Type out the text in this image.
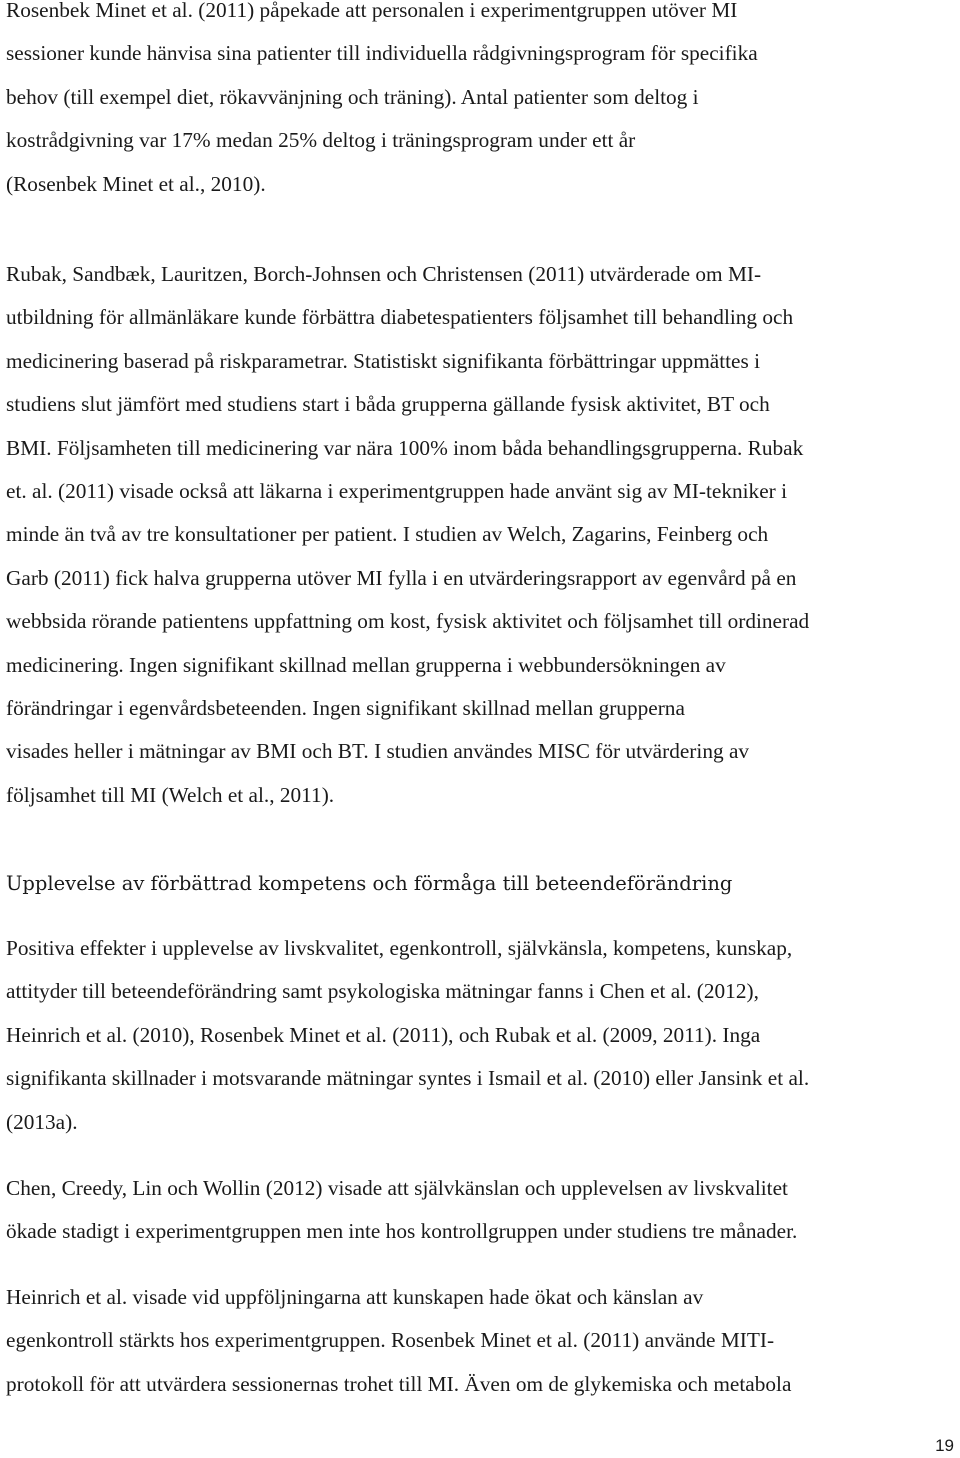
Rosenbek Minet et al. (2011) påpekade att personalen i experimentgruppen utöver MI
sessioner kunde hänvisa sina patienter till individuella rådgivningsprogram för specifika
behov (till exempel diet, rökavvänjning och träning). Antal patienter som deltog i
kostrådgivning var 17% medan 25% deltog i träningsprogram under ett år
(Rosenbek Minet et al., 2010).
Rubak, Sandbæk, Lauritzen, Borch-Johnsen och Christensen (2011) utvärderade om MI-
utbildning för allmänläkare kunde förbättra diabetespatienters följsamhet till behandling och
medicinering baserad på riskparametrar. Statistiskt signifikanta förbättringar uppmättes i
studiens slut jämfört med studiens start i båda grupperna gällande fysisk aktivitet, BT och
BMI. Följsamheten till medicinering var nära 100% inom båda behandlingsgrupperna. Rubak
et. al. (2011) visade också att läkarna i experimentgruppen hade använt sig av MI-tekniker i
minde än två av tre konsultationer per patient. I studien av Welch, Zagarins, Feinberg och
Garb (2011) fick halva grupperna utöver MI fylla i en utvärderingsrapport av egenvård på en
webbsida rörande patientens uppfattning om kost, fysisk aktivitet och följsamhet till ordinerad
medicinering. Ingen signifikant skillnad mellan grupperna i webbundersökningen av
förändringar i egenvårdsbeteenden. Ingen signifikant skillnad mellan grupperna
visades heller i mätningar av BMI och BT. I studien användes MISC för utvärdering av
följsamhet till MI (Welch et al., 2011).
Upplevelse av förbättrad kompetens och förmåga till beteendeförändring
Positiva effekter i upplevelse av livskvalitet, egenkontroll, självkänsla, kompetens, kunskap,
attityder till beteendeförändring samt psykologiska mätningar fanns i Chen et al. (2012),
Heinrich et al. (2010), Rosenbek Minet et al. (2011), och Rubak et al. (2009, 2011). Inga
signifikanta skillnader i motsvarande mätningar syntes i Ismail et al. (2010) eller Jansink et al.
(2013a).
Chen, Creedy, Lin och Wollin (2012) visade att självkänslan och upplevelsen av livskvalitet
ökade stadigt i experimentgruppen men inte hos kontrollgruppen under studiens tre månader.
Heinrich et al. visade vid uppföljningarna att kunskapen hade ökat och känslan av
egenkontroll stärkts hos experimentgruppen. Rosenbek Minet et al. (2011) använde MITI-
protokoll för att utvärdera sessionernas trohet till MI. Även om de glykemiska och metabola
19
